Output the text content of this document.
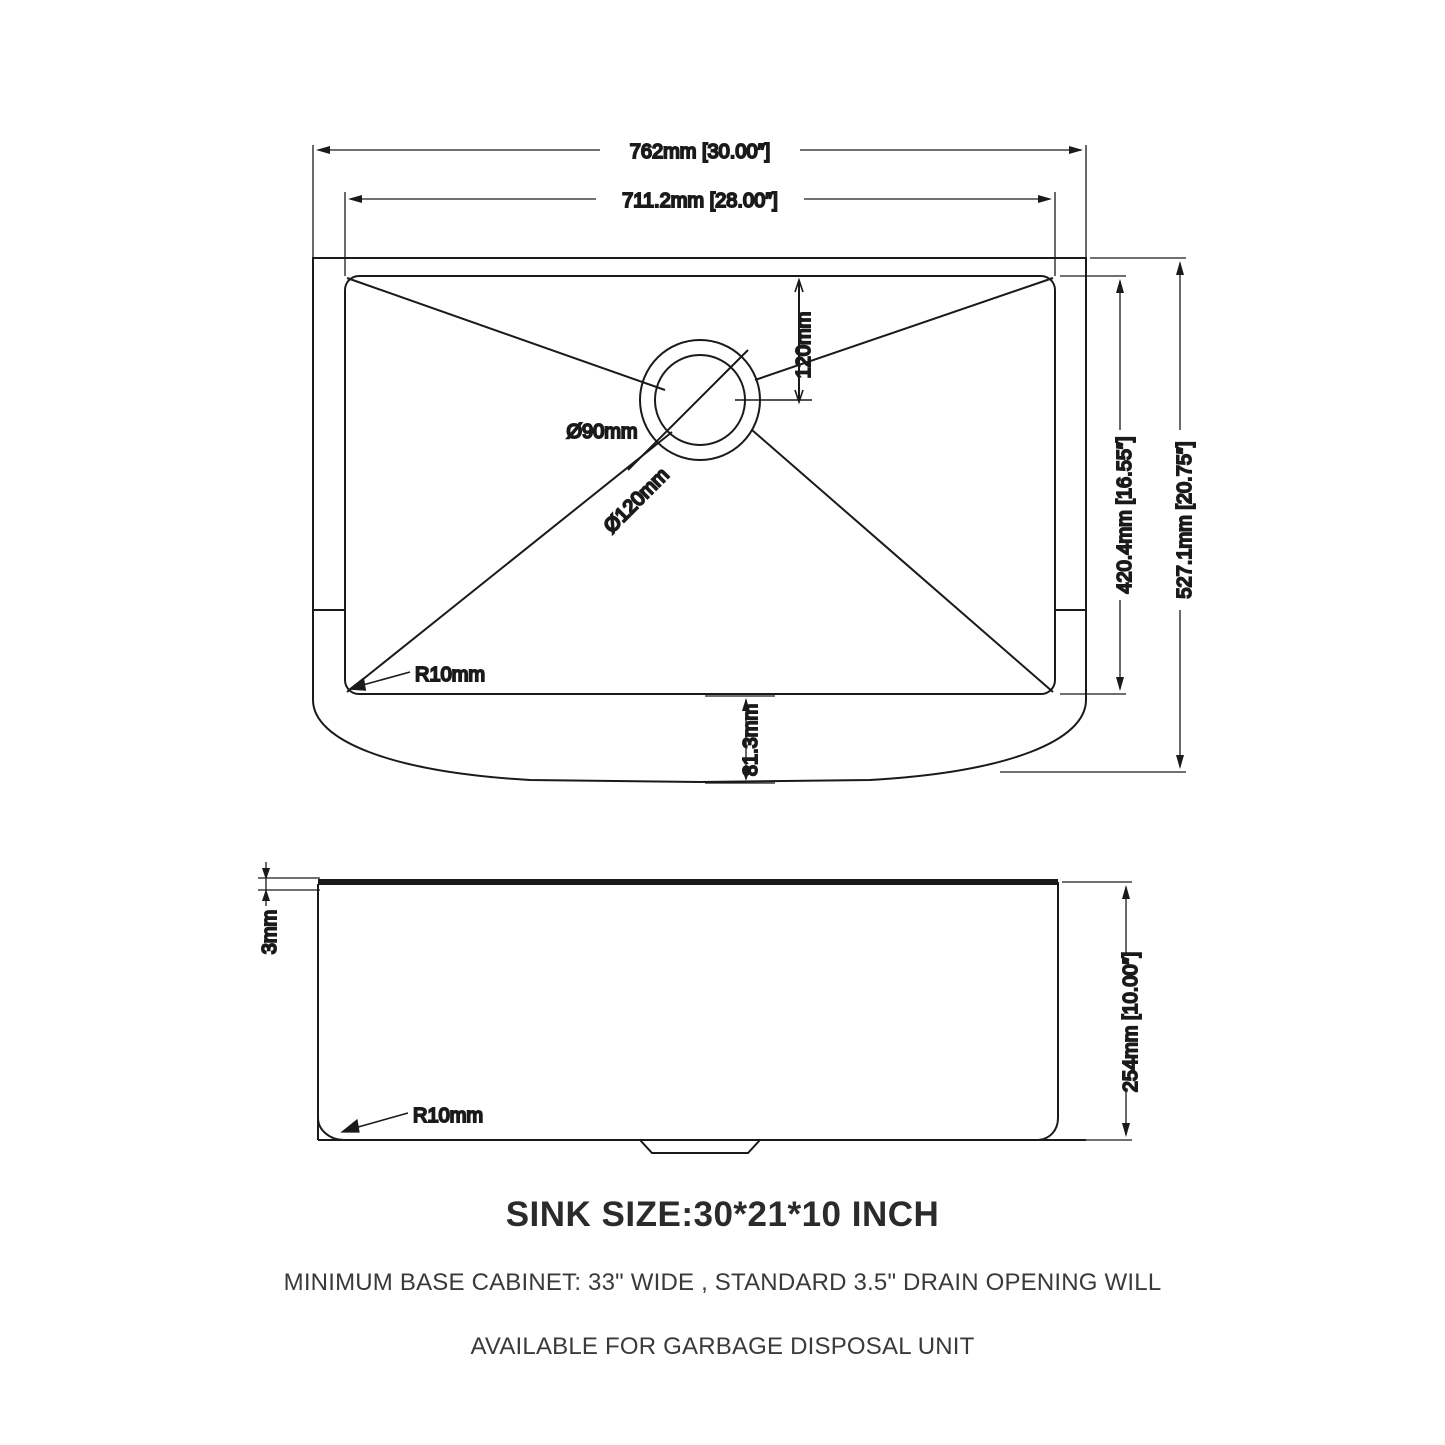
762mm [30.00″]
711.2mm [28.00″]
420.4mm [16.55″] 527.1mm [20.75″]
81.3mm
120mm
Ø90mm
Ø120mm
R10mm
3mm
254mm [10.00″]
R10mm
SINK SIZE:30*21*10 INCH
MINIMUM BASE CABINET: 33" WIDE , STANDARD 3.5" DRAIN OPENING WILL
AVAILABLE FOR GARBAGE DISPOSAL UNIT
